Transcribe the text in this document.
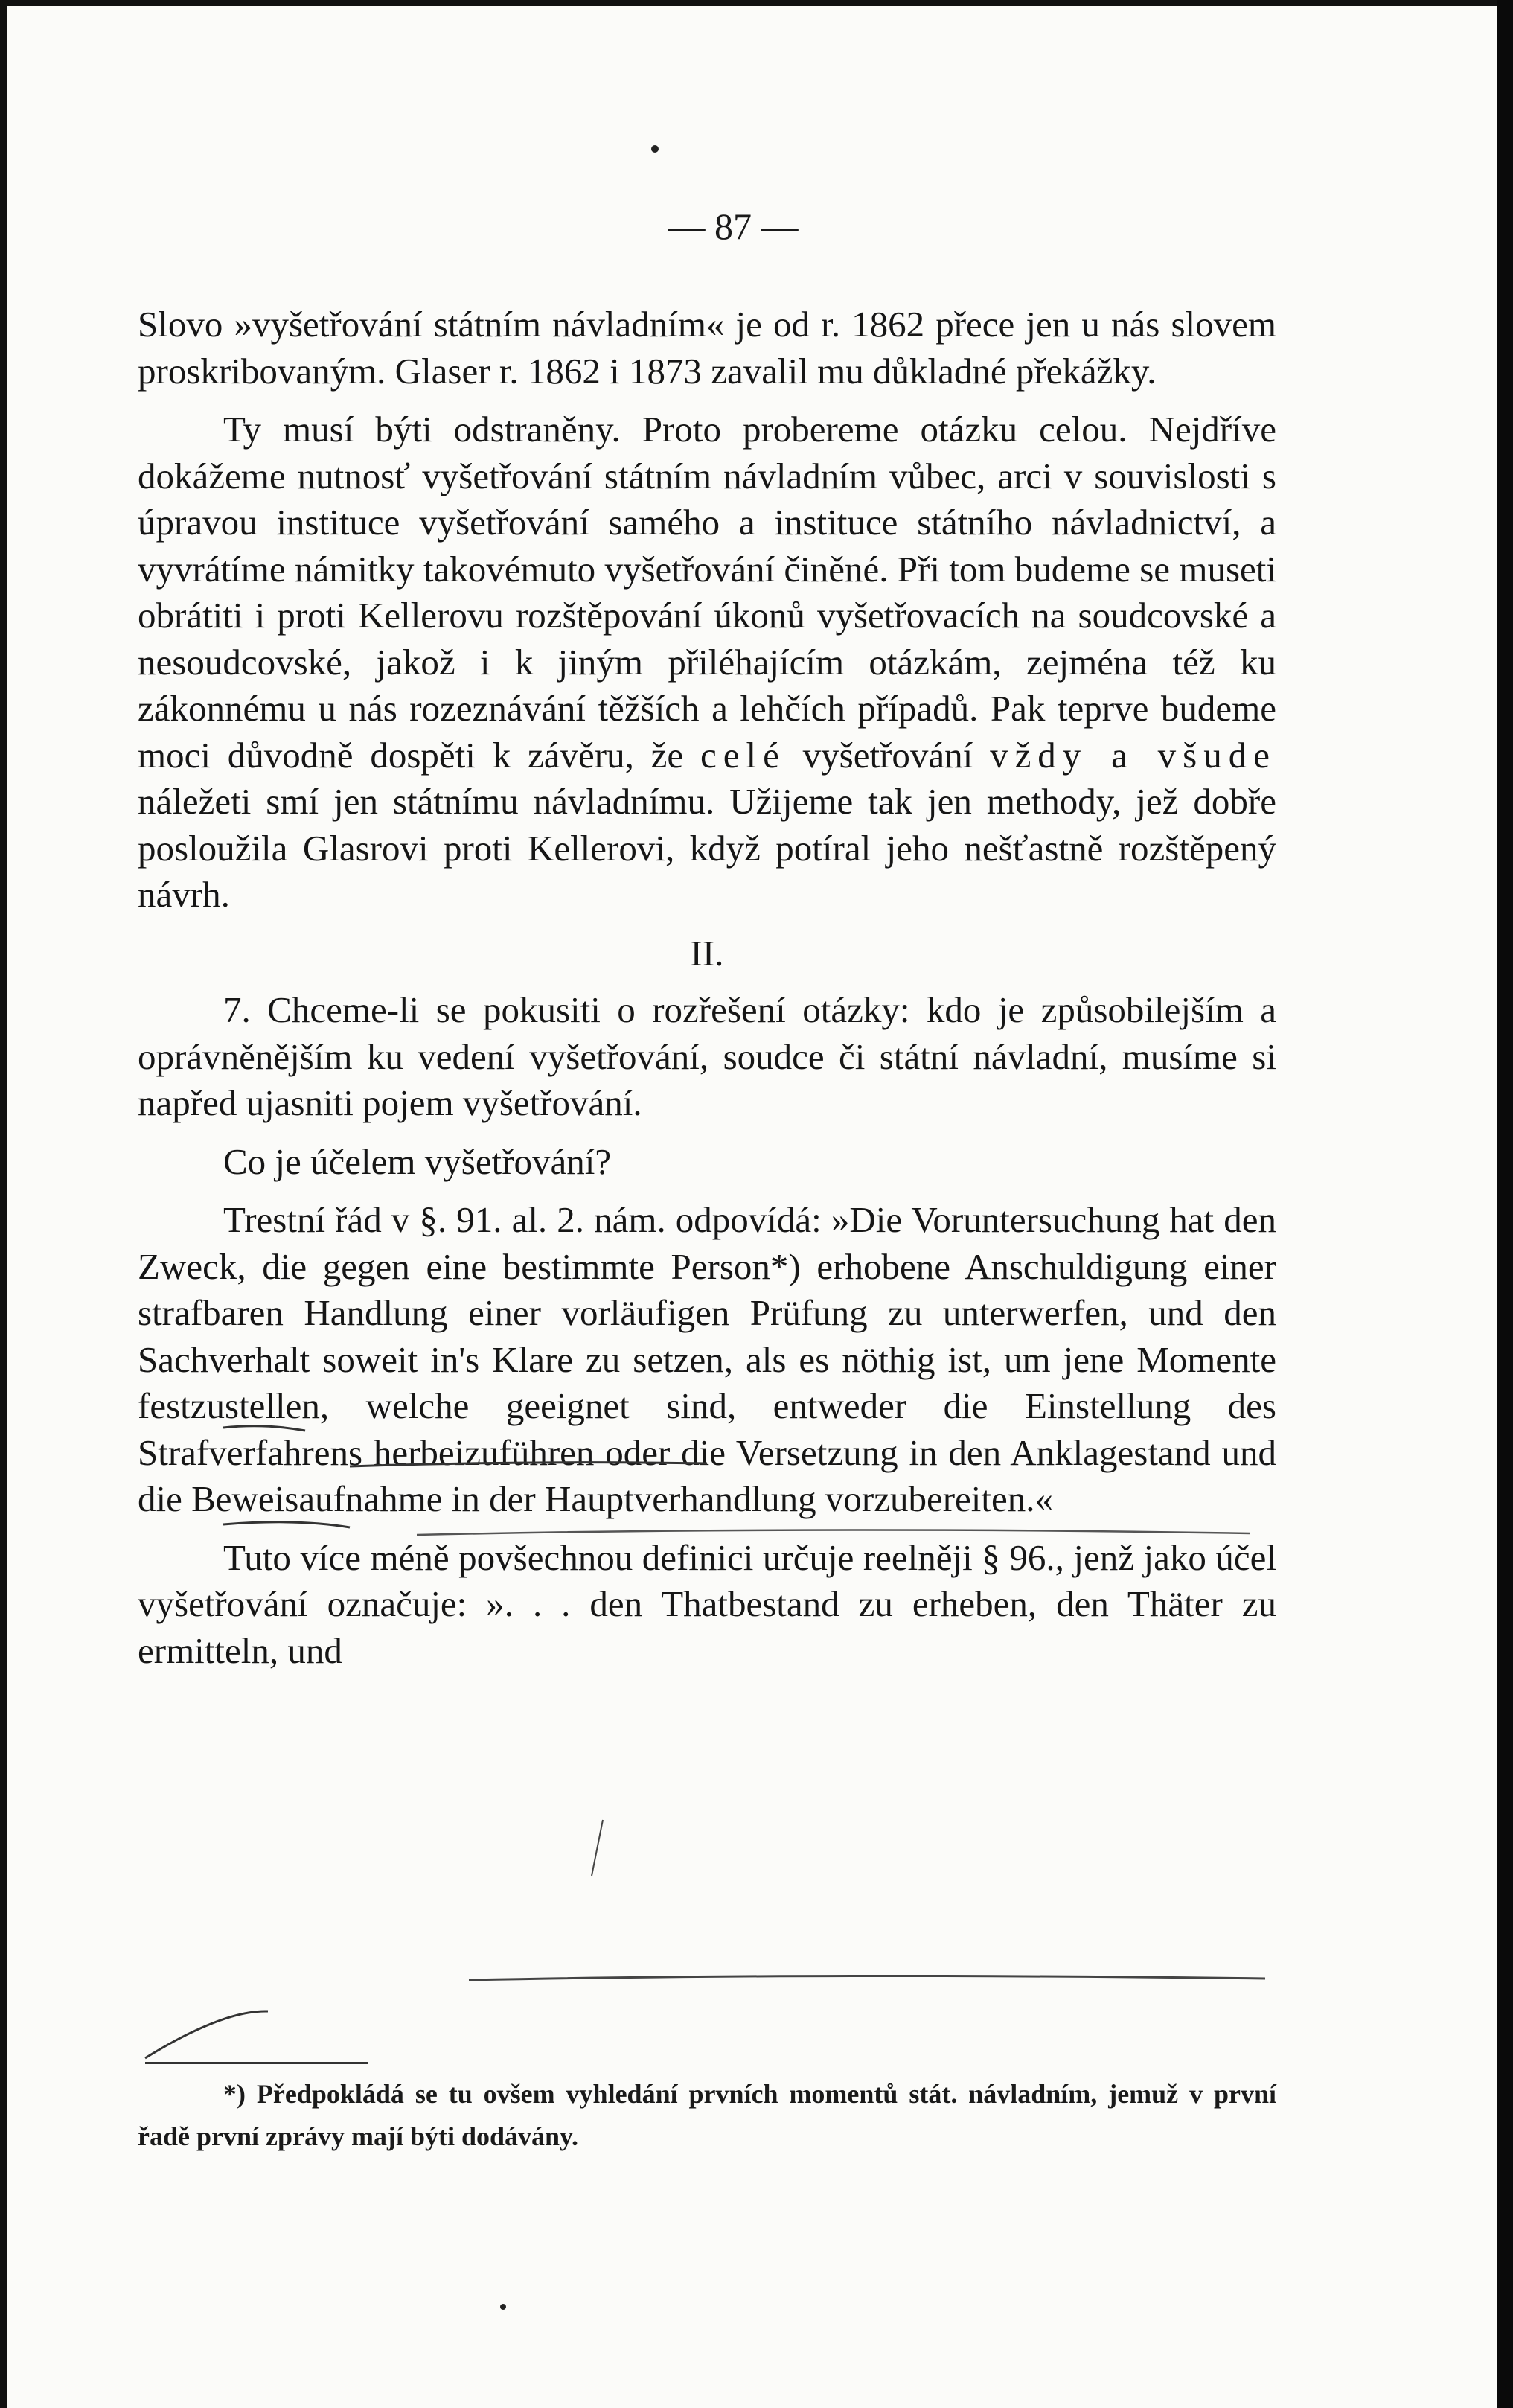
— 87 —

Slovo »vyšetřování státním návladním« je od r. 1862 přece jen u nás slovem proskribovaným. Glaser r. 1862 i 1873 zavalil mu důkladné překážky.

Ty musí býti odstraněny. Proto probereme otázku celou. Nejdříve dokážeme nutnosť vyšetřování státním návladním vůbec, arci v souvislosti s úpravou instituce vyšetřování samého a instituce státního návladnictví, a vyvrátíme námitky takovémuto vyšetřování činěné. Při tom budeme se museti obrátiti i proti Kellerovu rozštěpování úkonů vyšetřovacích na soudcovské a nesoudcovské, jakož i k jiným přiléhajícím otázkám, zejména též ku zákonnému u nás rozeznávání těžších a lehčích případů. Pak teprve budeme moci důvodně dospěti k závěru, že celé vyšetřování vždy a všude náležeti smí jen státnímu návladnímu. Užijeme tak jen methody, jež dobře posloužila Glasrovi proti Kellerovi, když potíral jeho nešťastně rozštěpený návrh.

II.

7. Chceme-li se pokusiti o rozřešení otázky: kdo je způsobilejším a oprávněnějším ku vedení vyšetřování, soudce či státní návladní, musíme si napřed ujasniti pojem vyšetřování.

Co je účelem vyšetřování?

Trestní řád v §. 91. al. 2. nám. odpovídá: »Die Voruntersuchung hat den Zweck, die gegen eine bestimmte Person*) erhobene Anschuldigung einer strafbaren Handlung einer vorläufigen Prüfung zu unterwerfen, und den Sachverhalt soweit in's Klare zu setzen, als es nöthig ist, um jene Momente festzustellen, welche geeignet sind, entweder die Einstellung des Strafverfahrens herbeizuführen oder die Versetzung in den Anklagestand und die Beweisaufnahme in der Hauptverhandlung vorzubereiten.«

Tuto více méně povšechnou definici určuje reelněji § 96., jenž jako účel vyšetřování označuje: ». . . den Thatbestand zu erheben, den Thäter zu ermitteln, und

*) Předpokládá se tu ovšem vyhledání prvních momentů stát. návladním, jemuž v první řadě první zprávy mají býti dodávány.
